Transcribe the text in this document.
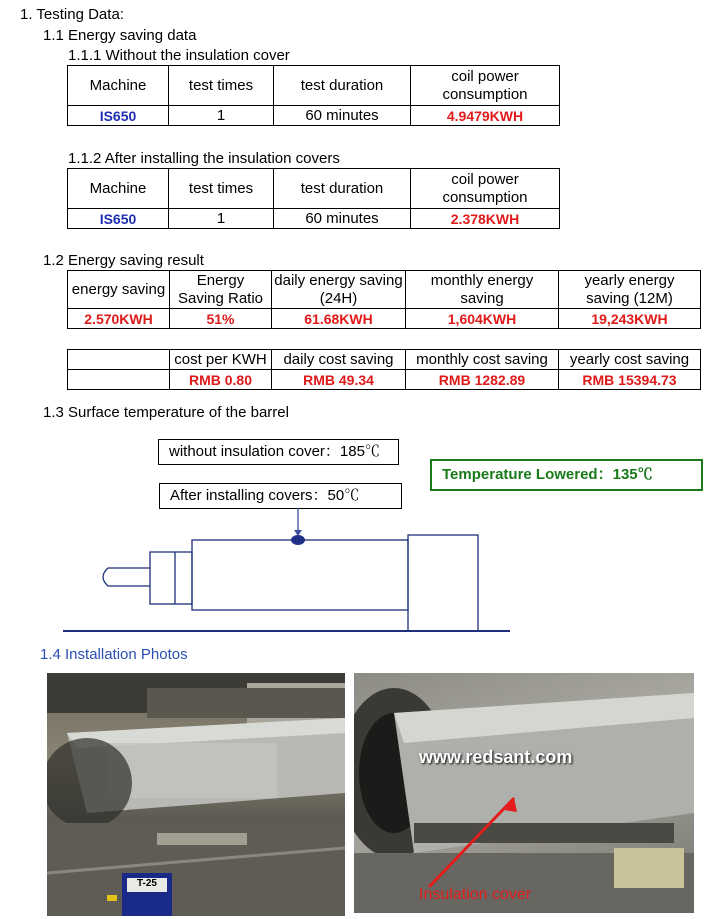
1. Testing Data:
1.1 Energy saving data
1.1.1 Without the insulation cover
Machine	test times	test duration	coil power consumption
IS650	1	60 minutes	4.9479KWH
1.1.2 After installing the insulation covers
Machine	test times	test duration	coil power consumption
IS650	1	60 minutes	2.378KWH
1.2 Energy saving result
energy saving	Energy Saving Ratio	daily energy saving (24H)	monthly energy saving	yearly energy saving (12M)
2.570KWH	51%	61.68KWH	1,604KWH	19,243KWH
	cost per KWH	daily cost saving	monthly cost saving	yearly cost saving
	RMB 0.80	RMB 49.34	RMB 1282.89	RMB 15394.73
1.3 Surface temperature of the barrel
without insulation cover：185℃
After installing covers：50℃
Temperature Lowered：135℃
1.4 Installation Photos
T-25
www.redsant.com
Insulation cover
